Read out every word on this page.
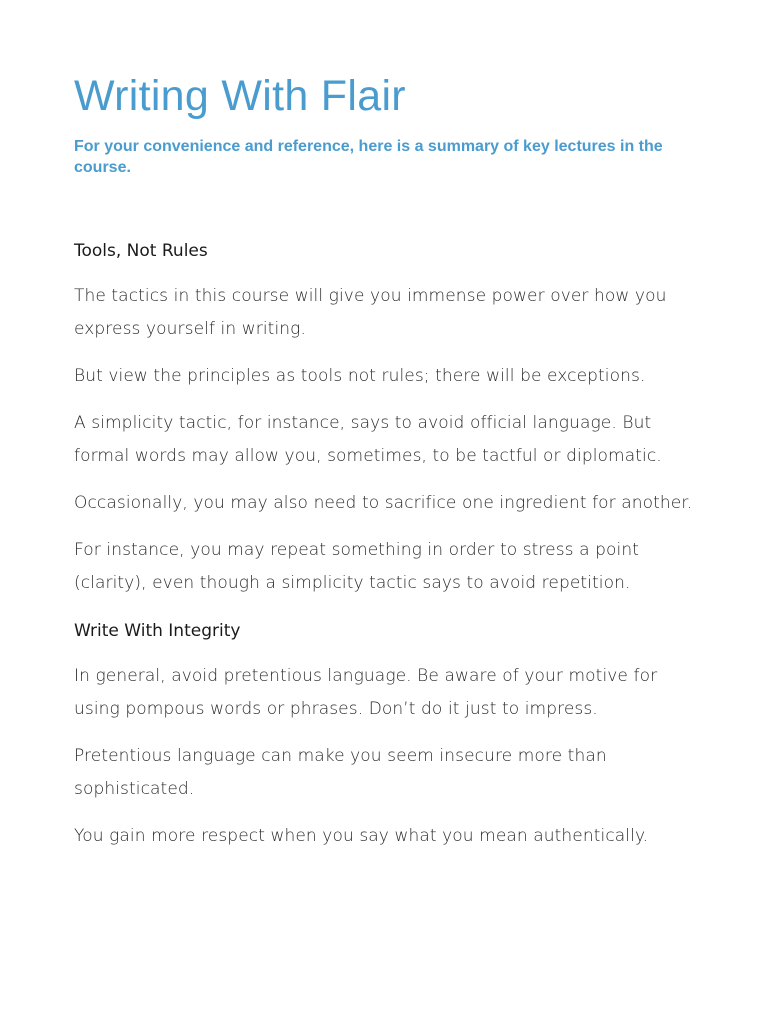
Writing With Flair

For your convenience and reference, here is a summary of key lectures in the course.

Tools, Not Rules

The tactics in this course will give you immense power over how you express yourself in writing.

But view the principles as tools not rules; there will be exceptions.

A simplicity tactic, for instance, says to avoid official language. But formal words may allow you, sometimes, to be tactful or diplomatic.

Occasionally, you may also need to sacrifice one ingredient for another.

For instance, you may repeat something in order to stress a point (clarity), even though a simplicity tactic says to avoid repetition.

Write With Integrity

In general, avoid pretentious language. Be aware of your motive for using pompous words or phrases. Don’t do it just to impress.

Pretentious language can make you seem insecure more than sophisticated.

You gain more respect when you say what you mean authentically.
